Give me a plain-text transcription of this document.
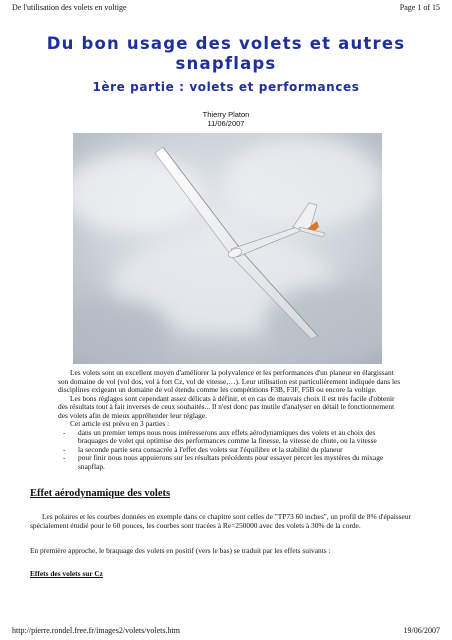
De l'utilisation des volets en voltige	Page 1 of 15
Du bon usage des volets et autres snapflaps
1ère partie : volets et performances
Thierry Platon
11/06/2007

Les volets sont un excellent moyen d'améliorer la polyvalence et les performances d'un planeur en élargissant son domaine de vol (vol dos, vol à fort Cz, vol de vitesse,…). Leur utilisation est particulièrement indiquée dans les disciplines exigeant un domaine de vol étendu comme les compétitions F3B, F3F, F5B ou encore la voltige.

Les bons réglages sont cependant assez délicats à définir, et en cas de mauvais choix il est très facile d'obtenir des résultats tout à fait inverses de ceux souhaités... Il n'est donc pas inutile d'analyser en détail le fonctionnement des volets afin de mieux appréhender leur réglage.

Cet article est prévu en 3 parties :

- dans un premier temps nous nous intéresserons aux effets aérodynamiques des volets et au choix des braquages de volet qui optimise des performances comme la finesse, la vitesse de chute, ou la vitesse
- la seconde partie sera consacrée à l'effet des volets sur l'équilibre et la stabilité du planeur
- pour finir nous nous appuierons sur les résultats précédents pour essayer percer les mystères du mixage snapflap.
Effet aérodynamique des volets

Les polaires et les courbes données en exemple dans ce chapitre sont celles de "TP73 60 inches", un profil de 8% d'épaisseur spécialement étudié pour le 60 pouces, les courbes sont tracées à Re=250000 avec des volets à 30% de la corde.

En première approche, le braquage des volets en positif (vers le bas) se traduit par les effets suivants :
Effets des volets sur Cz
http://pierre.rondel.free.fr/images2/volets/volets.htm	19/06/2007
